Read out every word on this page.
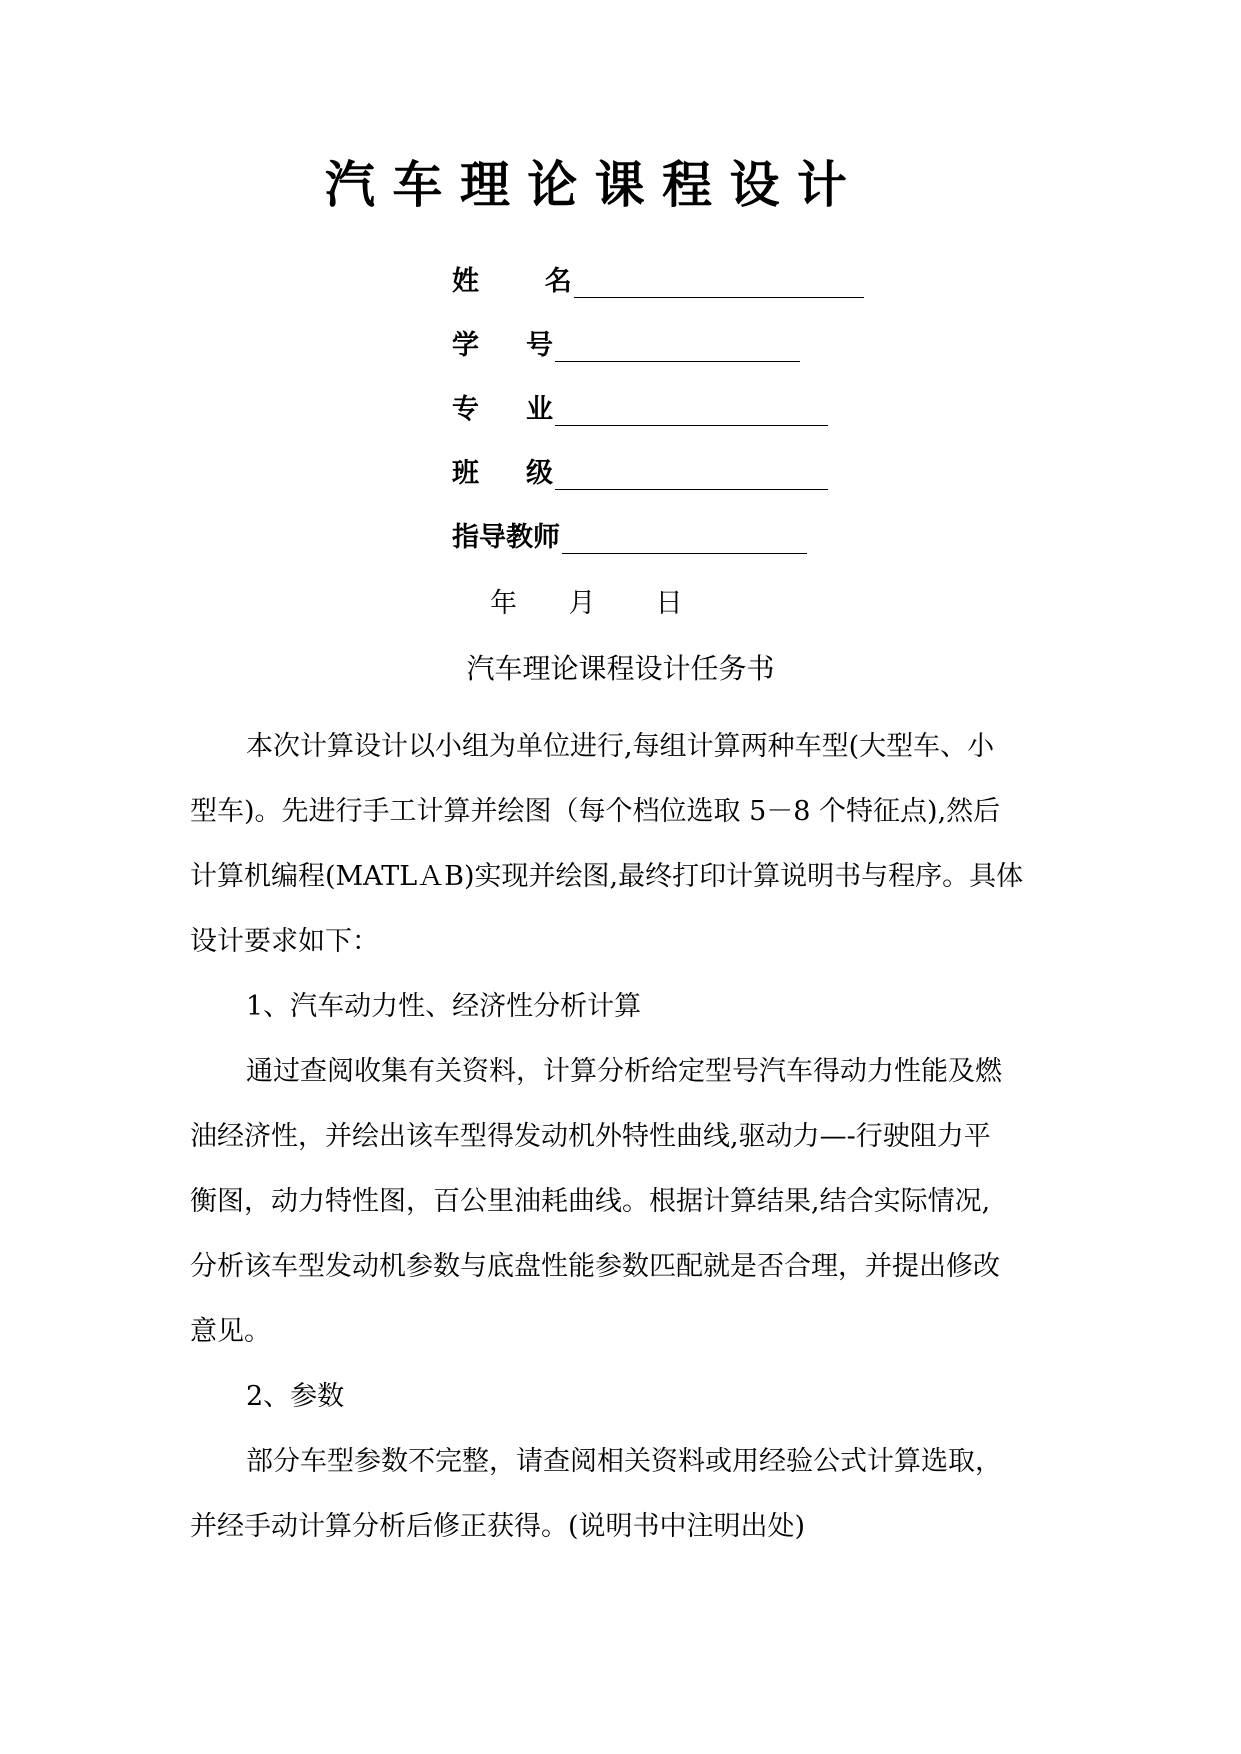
汽 车 理 论 课 程 设 计
姓       名
学     号
专     业
班     级
指导教师
年      月       日
汽车理论课程设计任务书
本次计算设计以小组为单位进行,每组计算两种车型(大型车、小
型车)。先进行手工计算并绘图（每个档位选取 5－8 个特征点),然后
计算机编程(MATLＡB)实现并绘图,最终打印计算说明书与程序。具体
设计要求如下：
1、汽车动力性、经济性分析计算
通过查阅收集有关资料，计算分析给定型号汽车得动力性能及燃
油经济性，并绘出该车型得发动机外特性曲线,驱动力—-行驶阻力平
衡图，动力特性图，百公里油耗曲线。根据计算结果,结合实际情况,
分析该车型发动机参数与底盘性能参数匹配就是否合理，并提出修改
意见。
2、参数
部分车型参数不完整，请查阅相关资料或用经验公式计算选取，
并经手动计算分析后修正获得。(说明书中注明出处)
